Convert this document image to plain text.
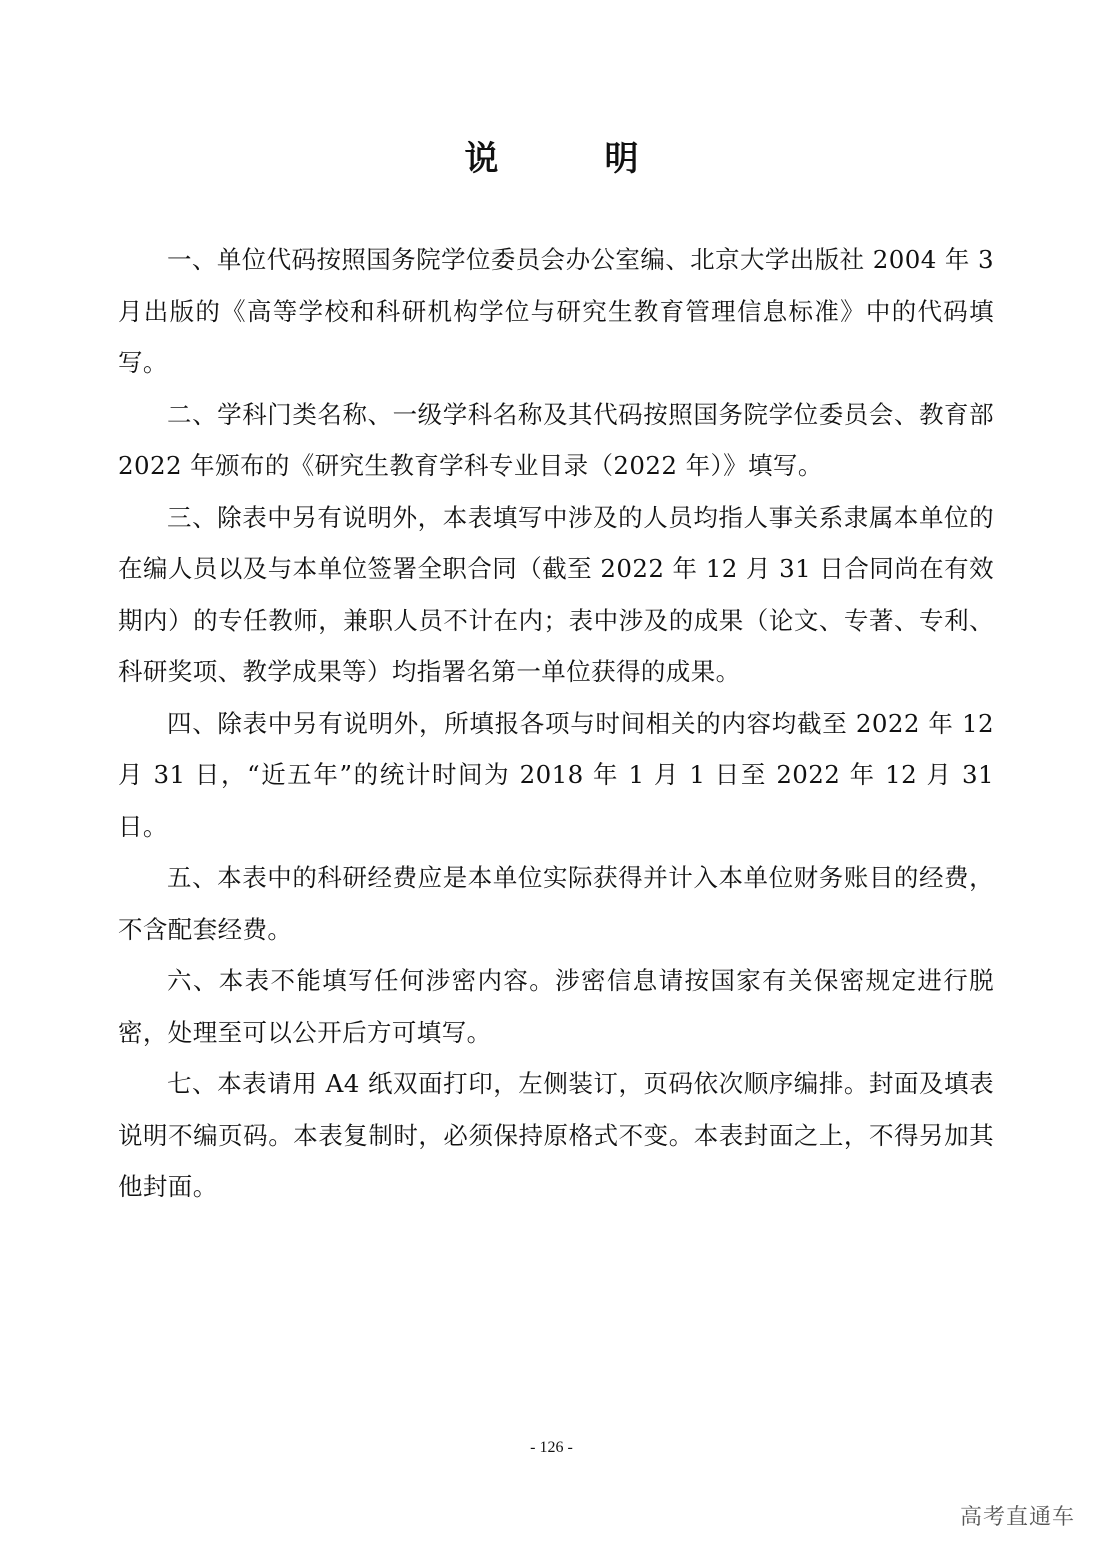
说　明

一、单位代码按照国务院学位委员会办公室编、北京大学出版社 2004 年 3 月出版的《高等学校和科研机构学位与研究生教育管理信息标准》中的代码填写。

二、学科门类名称、一级学科名称及其代码按照国务院学位委员会、教育部 2022 年颁布的《研究生教育学科专业目录（2022 年）》填写。

三、除表中另有说明外，本表填写中涉及的人员均指人事关系隶属本单位的在编人员以及与本单位签署全职合同（截至 2022 年 12 月 31 日合同尚在有效期内）的专任教师，兼职人员不计在内；表中涉及的成果（论文、专著、专利、科研奖项、教学成果等）均指署名第一单位获得的成果。

四、除表中另有说明外，所填报各项与时间相关的内容均截至 2022 年 12 月 31 日，“近五年”的统计时间为 2018 年 1 月 1 日至 2022 年 12 月 31 日。

五、本表中的科研经费应是本单位实际获得并计入本单位财务账目的经费，不含配套经费。

六、本表不能填写任何涉密内容。涉密信息请按国家有关保密规定进行脱密，处理至可以公开后方可填写。

七、本表请用 A4 纸双面打印，左侧装订，页码依次顺序编排。封面及填表说明不编页码。本表复制时，必须保持原格式不变。本表封面之上，不得另加其他封面。

- 126 -
高考直通车
